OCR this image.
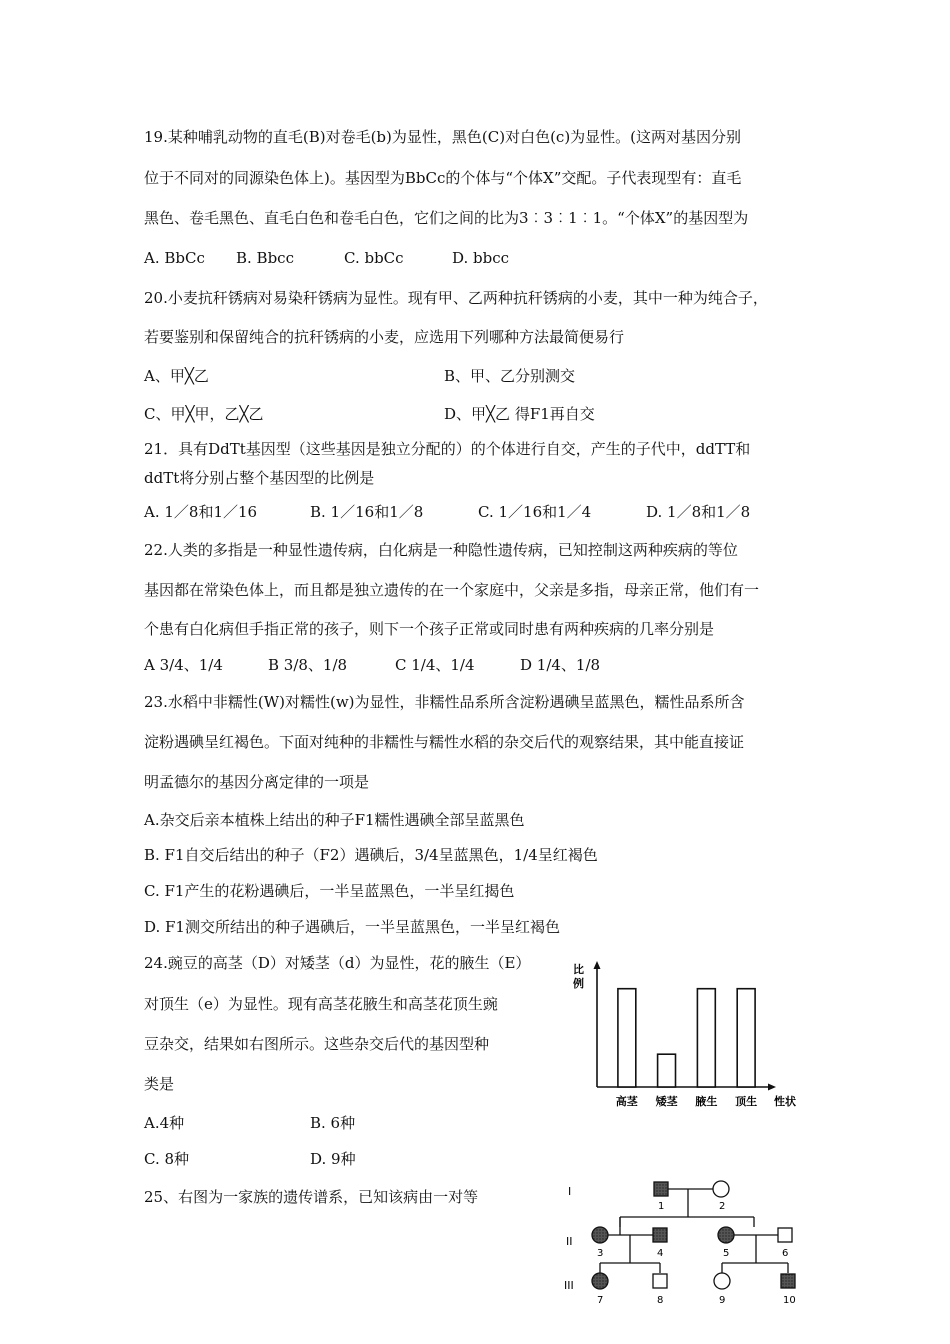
19.某种哺乳动物的直毛(B)对卷毛(b)为显性，黑色(C)对白色(c)为显性。(这两对基因分别
位于不同对的同源染色体上)。基因型为BbCc的个体与“个体X”交配。子代表现型有：直毛
黑色、卷毛黑色、直毛白色和卷毛白色，它们之间的比为3︰3︰1︰1。“个体X”的基因型为
A. BbCc B. Bbcc	C. bbCc	D. bbcc
20.小麦抗秆锈病对易染秆锈病为显性。现有甲、乙两种抗秆锈病的小麦，其中一种为纯合子，
若要鉴别和保留纯合的抗秆锈病的小麦，应选用下列哪种方法最简便易行
A、甲╳乙	B、甲、乙分别测交
C、甲╳甲，乙╳乙	D、甲╳乙 得F1再自交
21．具有DdTt基因型（这些基因是独立分配的）的个体进行自交，产生的子代中，ddTT和
ddTt将分别占整个基因型的比例是
A. 1／8和1／16	B. 1／16和1／8	C. 1／16和1／4	D. 1／8和1／8
22.人类的多指是一种显性遗传病，白化病是一种隐性遗传病，已知控制这两种疾病的等位
基因都在常染色体上，而且都是独立遗传的在一个家庭中，父亲是多指，母亲正常，他们有一
个患有白化病但手指正常的孩子，则下一个孩子正常或同时患有两种疾病的几率分别是
A 3/4、1/4	B 3/8、1/8	C 1/4、1/4	D 1/4、1/8
23.水稻中非糯性(W)对糯性(w)为显性，非糯性品系所含淀粉遇碘呈蓝黑色，糯性品系所含
淀粉遇碘呈红褐色。下面对纯种的非糯性与糯性水稻的杂交后代的观察结果，其中能直接证
明孟德尔的基因分离定律的一项是
A.杂交后亲本植株上结出的种子F1糯性遇碘全部呈蓝黑色
B. F1自交后结出的种子（F2）遇碘后，3/4呈蓝黑色，1/4呈红褐色
C. F1产生的花粉遇碘后，一半呈蓝黑色，一半呈红揭色
D. F1测交所结出的种子遇碘后，一半呈蓝黑色，一半呈红褐色
24.豌豆的高茎（D）对矮茎（d）为显性，花的腋生（E）
对顶生（e）为显性。现有高茎花腋生和高茎花顶生豌
豆杂交，结果如右图所示。这些杂交后代的基因型种
类是
A.4种	B. 6种
C. 8种	D. 9种
比
例
高茎 矮茎 腋生 顶生 性状
25、右图为一家族的遗传谱系，已知该病由一对等	I
II
III
1	2
3	4	5	6
7	8	9	10
